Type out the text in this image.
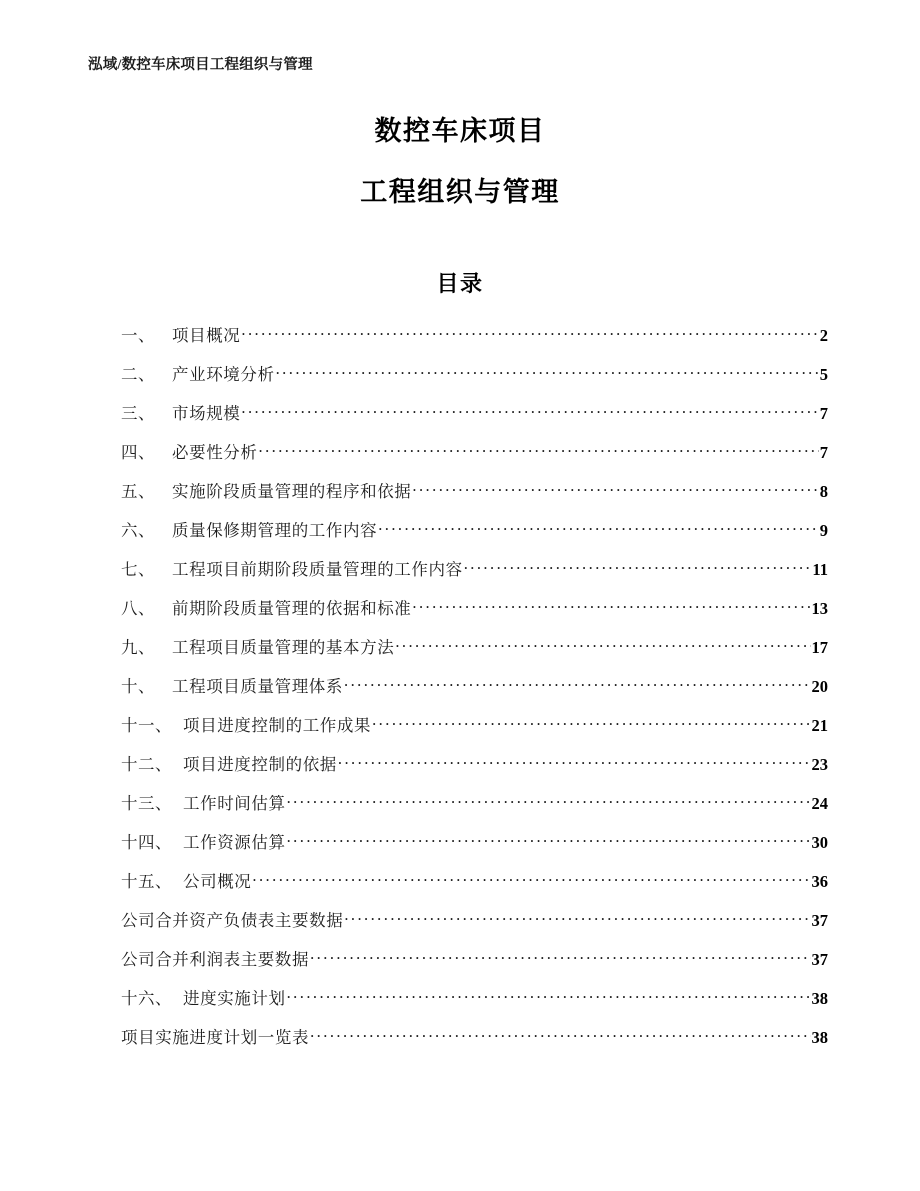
泓域/数控车床项目工程组织与管理
数控车床项目
工程组织与管理
目录
一、	项目概况 .....	2
二、	产业环境分析 .....	5
三、	市场规模 .....	7
四、	必要性分析 .....	7
五、	实施阶段质量管理的程序和依据 .....	8
六、	质量保修期管理的工作内容 .....	9
七、	工程项目前期阶段质量管理的工作内容 .....	11
八、	前期阶段质量管理的依据和标准 .....	13
九、	工程项目质量管理的基本方法 .....	17
十、	工程项目质量管理体系 .....	20
十一、 项目进度控制的工作成果 .....	21
十二、 项目进度控制的依据 .....	23
十三、 工作时间估算 .....	24
十四、 工作资源估算 .....	30
十五、 公司概况 .....	36
公司合并资产负债表主要数据 .....	37
公司合并利润表主要数据 .....	37
十六、 进度实施计划 .....	38
项目实施进度计划一览表 .....	38
